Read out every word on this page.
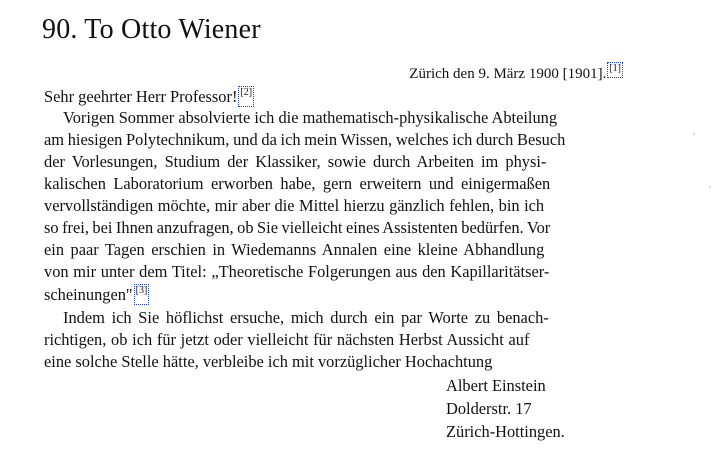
90. To Otto Wiener
Zürich den 9. März 1900 [1901]. [1]
Sehr geehrter Herr Professor! [2]
Vorigen Sommer absolvierte ich die mathematisch-physikalische Abteilung
am hiesigen Polytechnikum, und da ich mein Wissen, welches ich durch Besuch
der Vorlesungen, Studium der Klassiker, sowie durch Arbeiten im physi-
kalischen Laboratorium erworben habe, gern erweitern und einigermaßen
vervollständigen möchte, mir aber die Mittel hierzu gänzlich fehlen, bin ich
so frei, bei Ihnen anzufragen, ob Sie vielleicht eines Assistenten bedürfen. Vor
ein paar Tagen erschien in Wiedemanns Annalen eine kleine Abhandlung
von mir unter dem Titel: „Theoretische Folgerungen aus den Kapillaritätser-
scheinungen" [3]
Indem ich Sie höflichst ersuche, mich durch ein par Worte zu benach-
richtigen, ob ich für jetzt oder vielleicht für nächsten Herbst Aussicht auf
eine solche Stelle hätte, verbleibe ich mit vorzüglicher Hochachtung
Albert Einstein
Dolderstr. 17
Zürich-Hottingen.
